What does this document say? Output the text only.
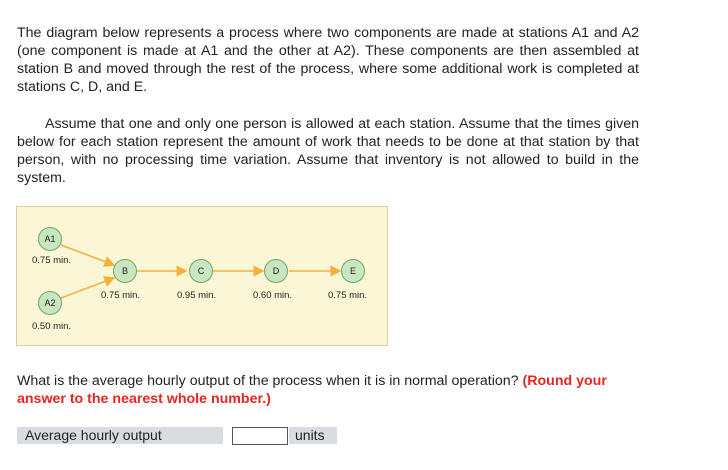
The diagram below represents a process where two components are made at stations A1 and A2 (one component is made at A1 and the other at A2). These components are then assembled at station B and moved through the rest of the process, where some additional work is completed at stations C, D, and E.

Assume that one and only one person is allowed at each station. Assume that the times given below for each station represent the amount of work that needs to be done at that station by that person, with no processing time variation. Assume that inventory is not allowed to build in the system.

A1
0.75 min.
A2
0.50 min.
B
0.75 min.
C
0.95 min.
D
0.60 min.
E
0.75 min.

What is the average hourly output of the process when it is in normal operation? (Round your answer to the nearest whole number.)

Average hourly output	units
